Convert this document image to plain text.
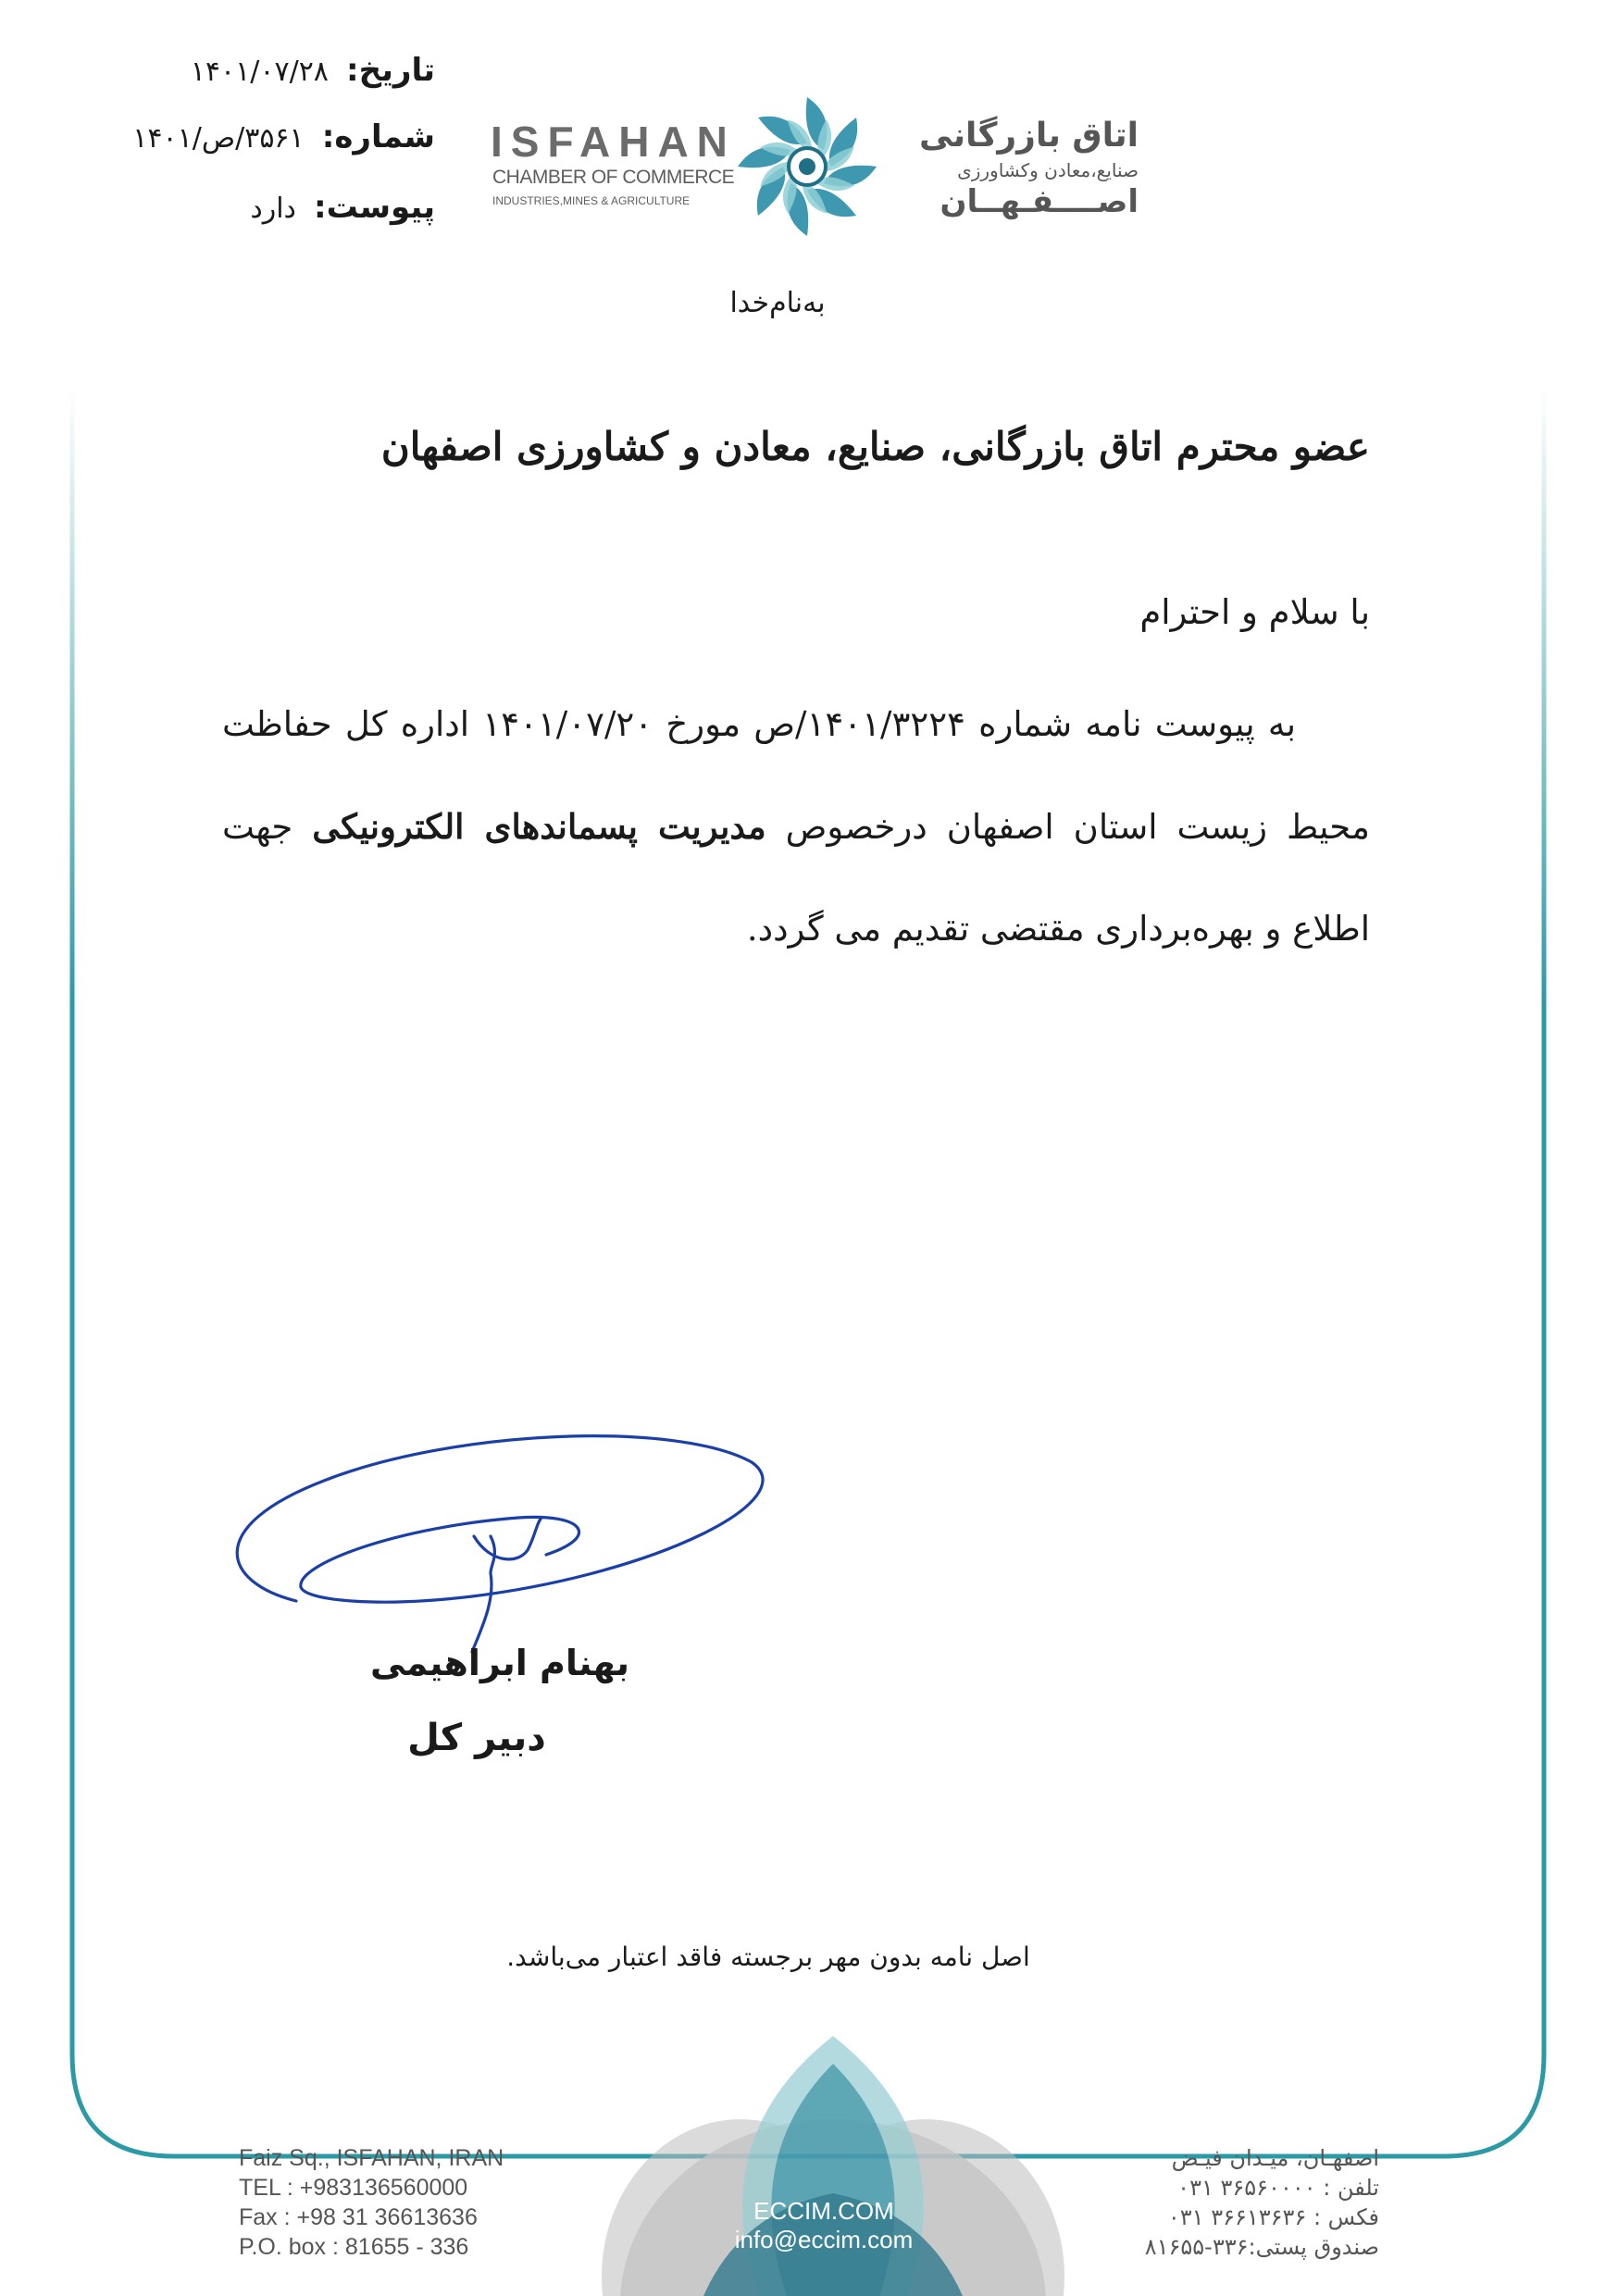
تاریخ: ۱۴۰۱/۰۷/۲۸
شماره: ۳۵۶۱/ص/۱۴۰۱
پیوست: دارد
ISFAHAN
CHAMBER OF COMMERCE
INDUSTRIES,MINES & AGRICULTURE
اتاق بازرگانی
صنایع،معادن وکشاورزی
اصــــفـهــان
به‌نام‌خدا
عضو محترم اتاق بازرگانی، صنایع، معادن و کشاورزی اصفهان
با سلام و احترام
به پیوست نامه شماره ۱۴۰۱/۳۲۲۴/ص مورخ ۱۴۰۱/۰۷/۲۰ اداره کل حفاظت محیط زیست استان اصفهان درخصوص مدیریت پسماندهای الکترونیکی جهت اطلاع و بهره‌برداری مقتضی تقدیم می گردد.
بهنام ابراهیمی
دبیر کل
اصل نامه بدون مهر برجسته فاقد اعتبار می‌باشد.
Faiz Sq., ISFAHAN, IRAN
TEL : +983136560000
Fax : +98 31 36613636
P.O. box : 81655 - 336
ECCIM.COM
info@eccim.com
اصفهـان، میـدان فیـض
تلفن : ۳۶۵۶۰۰۰۰ ۰۳۱
فکس : ۳۶۶۱۳۶۳۶ ۰۳۱
صندوق پستی:۳۳۶-۸۱۶۵۵
